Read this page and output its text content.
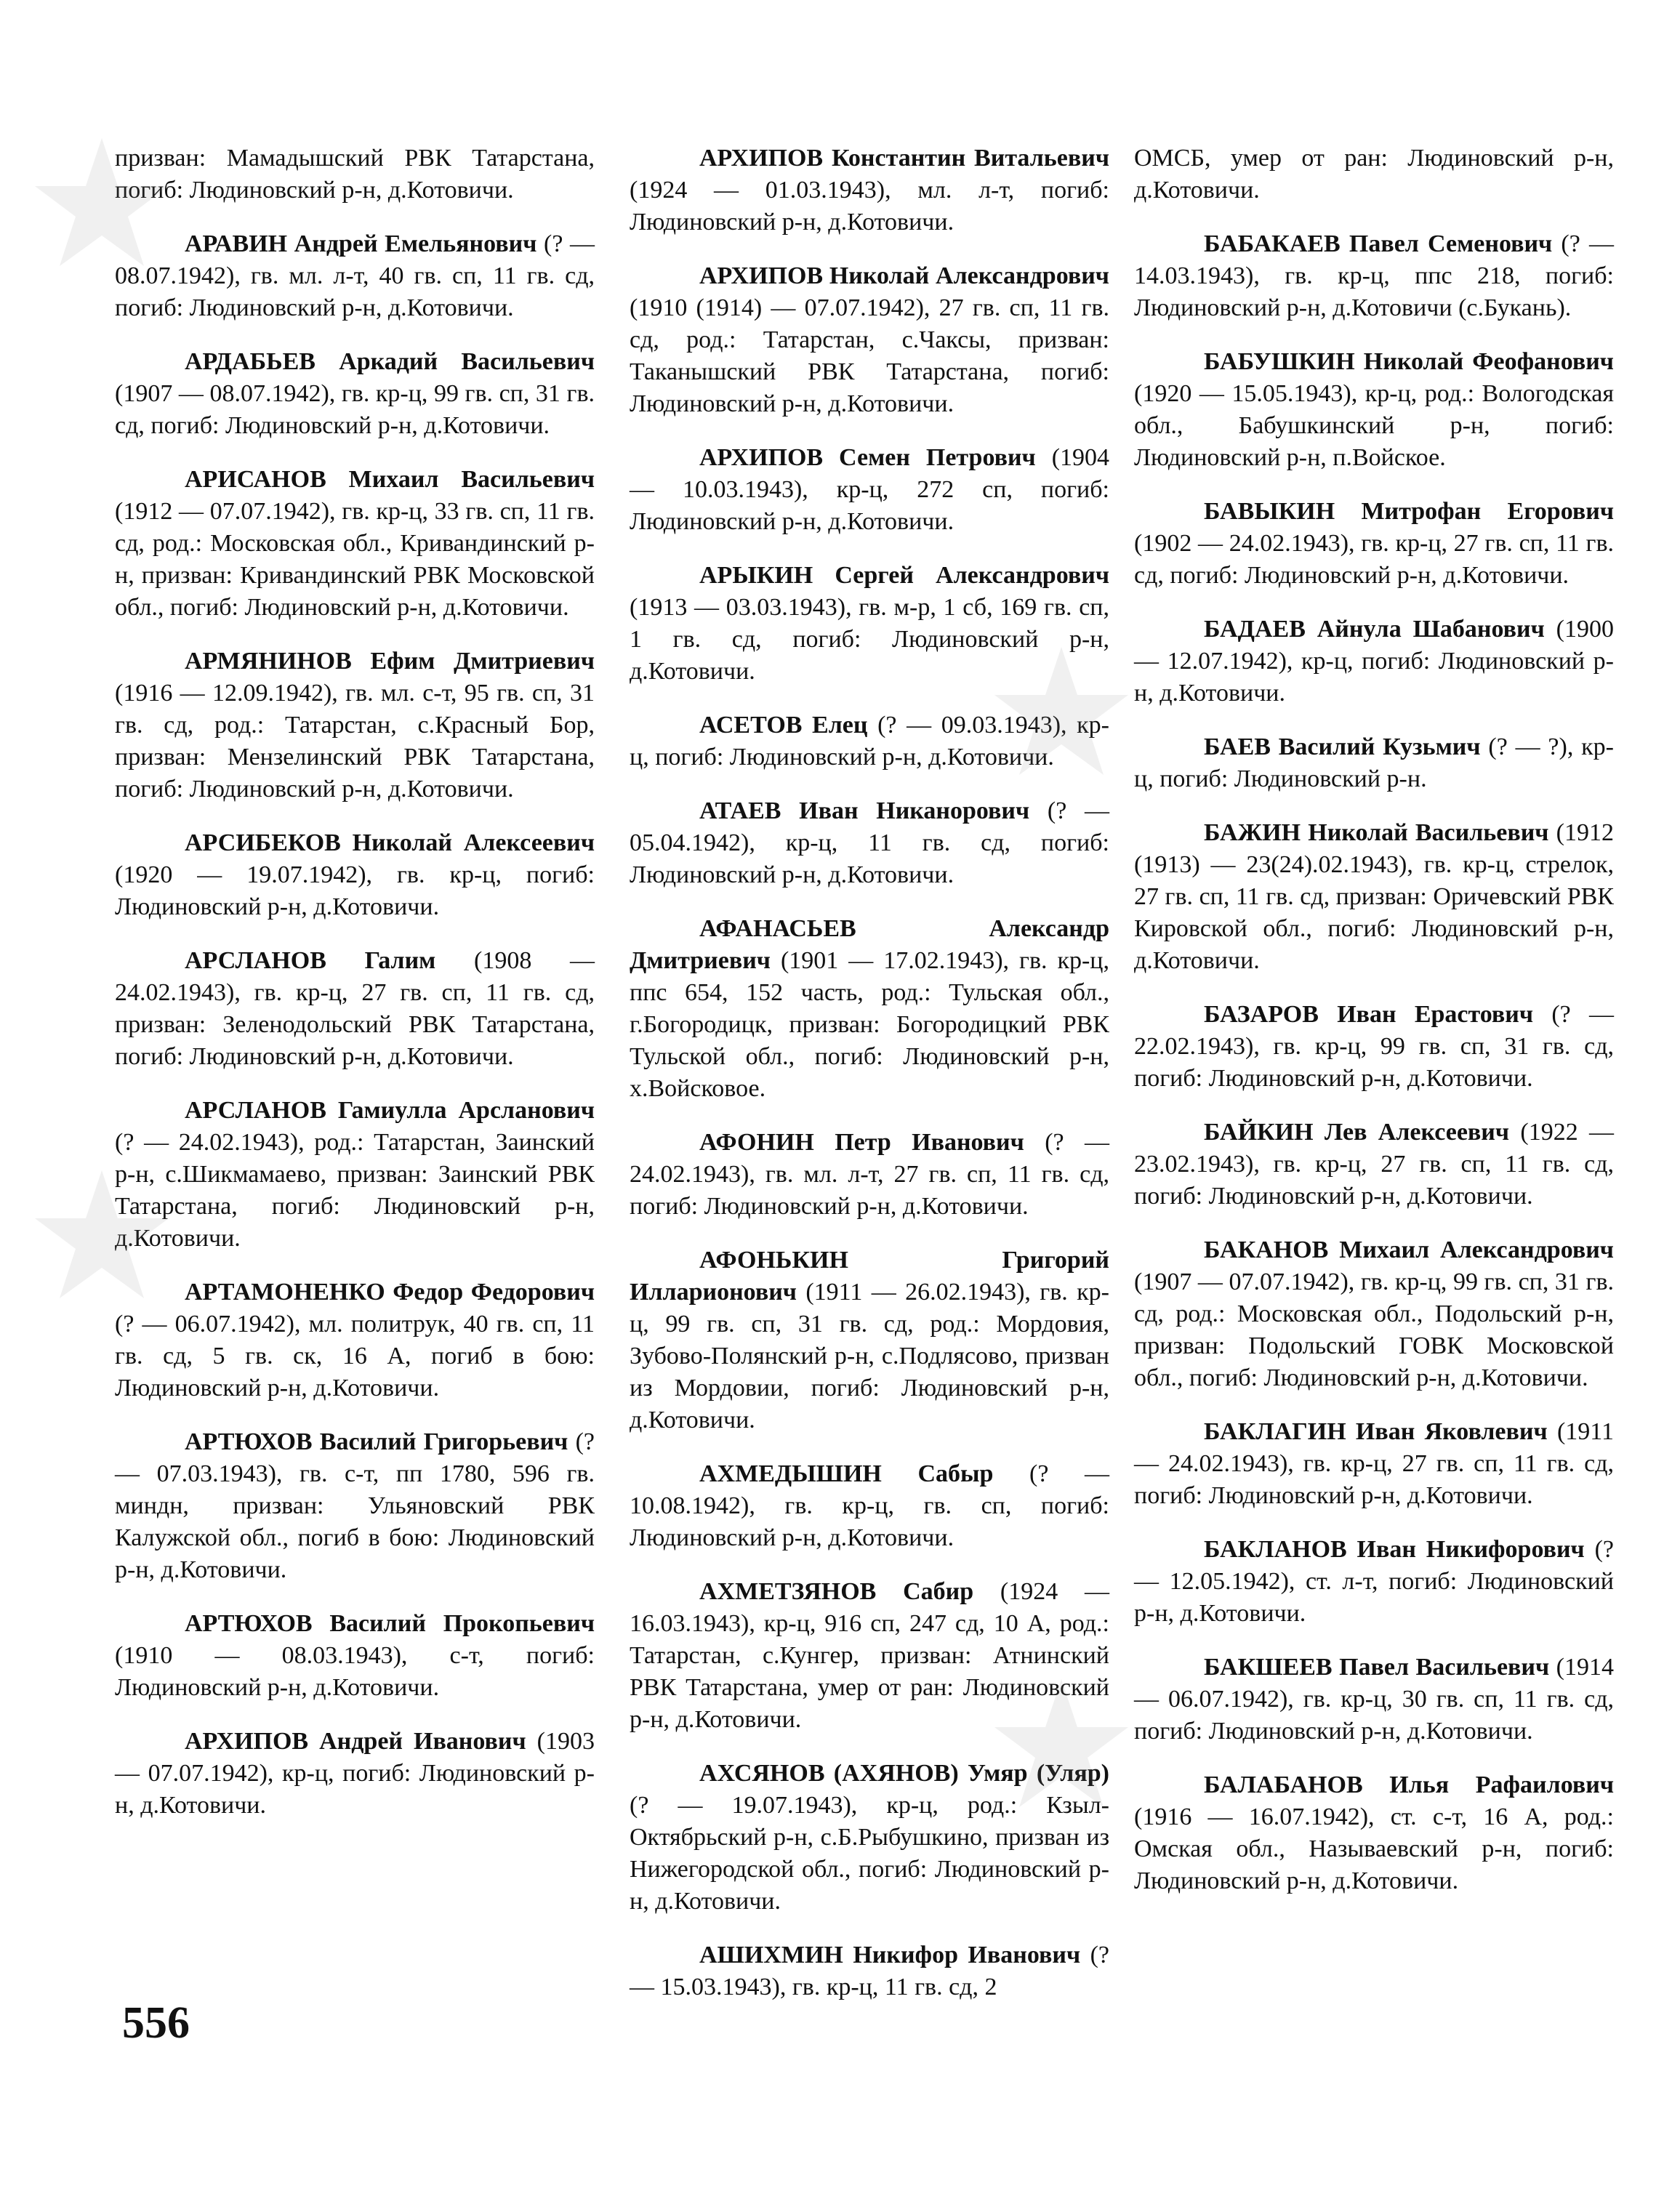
призван: Мамадышский РВК Татарстана, погиб: Людиновский р-н, д.Котовичи.
АРАВИН Андрей Емельянович (? — 08.07.1942), гв. мл. л-т, 40 гв. сп, 11 гв. сд, погиб: Людиновский р-н, д.Котовичи.
АРДАБЬЕВ Аркадий Васильевич (1907 — 08.07.1942), гв. кр-ц, 99 гв. сп, 31 гв. сд, погиб: Людиновский р-н, д.Котовичи.
АРИСАНОВ Михаил Васильевич (1912 — 07.07.1942), гв. кр-ц, 33 гв. сп, 11 гв. сд, род.: Московская обл., Кривандинский р-н, призван: Кривандинский РВК Московской обл., погиб: Людиновский р-н, д.Котовичи.
АРМЯНИНОВ Ефим Дмитриевич (1916 — 12.09.1942), гв. мл. с-т, 95 гв. сп, 31 гв. сд, род.: Татарстан, с.Красный Бор, призван: Мензелинский РВК Татарстана, погиб: Людиновский р-н, д.Котовичи.
АРСИБЕКОВ Николай Алексеевич (1920 — 19.07.1942), гв. кр-ц, погиб: Людиновский р-н, д.Котовичи.
АРСЛАНОВ Галим (1908 — 24.02.1943), гв. кр-ц, 27 гв. сп, 11 гв. сд, призван: Зеленодольский РВК Татарстана, погиб: Людиновский р-н, д.Котовичи.
АРСЛАНОВ Гамиулла Арсланович (? — 24.02.1943), род.: Татарстан, Заинский р-н, с.Шикмамаево, призван: Заинский РВК Татарстана, погиб: Людиновский р-н, д.Котовичи.
АРТАМОНЕНКО Федор Федорович (? — 06.07.1942), мл. политрук, 40 гв. сп, 11 гв. сд, 5 гв. ск, 16 А, погиб в бою: Людиновский р-н, д.Котовичи.
АРТЮХОВ Василий Григорьевич (? — 07.03.1943), гв. с-т, пп 1780, 596 гв. миндн, призван: Ульяновский РВК Калужской обл., погиб в бою: Людиновский р-н, д.Котовичи.
АРТЮХОВ Василий Прокопьевич (1910 — 08.03.1943), с-т, погиб: Людиновский р-н, д.Котовичи.
АРХИПОВ Андрей Иванович (1903 — 07.07.1942), кр-ц, погиб: Людиновский р-н, д.Котовичи.
АРХИПОВ Константин Витальевич (1924 — 01.03.1943), мл. л-т, погиб: Людиновский р-н, д.Котовичи.
АРХИПОВ Николай Александрович (1910 (1914) — 07.07.1942), 27 гв. сп, 11 гв. сд, род.: Татарстан, с.Чаксы, призван: Таканышский РВК Татарстана, погиб: Людиновский р-н, д.Котовичи.
АРХИПОВ Семен Петрович (1904 — 10.03.1943), кр-ц, 272 сп, погиб: Людиновский р-н, д.Котовичи.
АРЫКИН Сергей Александрович (1913 — 03.03.1943), гв. м-р, 1 сб, 169 гв. сп, 1 гв. сд, погиб: Людиновский р-н, д.Котовичи.
АСЕТОВ Елец (? — 09.03.1943), кр-ц, погиб: Людиновский р-н, д.Котовичи.
АТАЕВ Иван Никанорович (? — 05.04.1942), кр-ц, 11 гв. сд, погиб: Людиновский р-н, д.Котовичи.
АФАНАСЬЕВ Александр Дмитриевич (1901 — 17.02.1943), гв. кр-ц, ппс 654, 152 часть, род.: Тульская обл., г.Богородицк, призван: Богородицкий РВК Тульской обл., погиб: Людиновский р-н, х.Войсковое.
АФОНИН Петр Иванович (? — 24.02.1943), гв. мл. л-т, 27 гв. сп, 11 гв. сд, погиб: Людиновский р-н, д.Котовичи.
АФОНЬКИН Григорий Илларионович (1911 — 26.02.1943), гв. кр-ц, 99 гв. сп, 31 гв. сд, род.: Мордовия, Зубово-Полянский р-н, с.Подлясово, призван из Мордовии, погиб: Людиновский р-н, д.Котовичи.
АХМЕДЫШИН Сабыр (? — 10.08.1942), гв. кр-ц, гв. сп, погиб: Людиновский р-н, д.Котовичи.
АХМЕТЗЯНОВ Сабир (1924 — 16.03.1943), кр-ц, 916 сп, 247 сд, 10 А, род.: Татарстан, с.Кунгер, призван: Атнинский РВК Татарстана, умер от ран: Людиновский р-н, д.Котовичи.
АХСЯНОВ (АХЯНОВ) Умяр (Уляр) (? — 19.07.1943), кр-ц, род.: Кзыл-Октябрьский р-н, с.Б.Рыбушкино, призван из Нижегородской обл., погиб: Людиновский р-н, д.Котовичи.
АШИХМИН Никифор Иванович (? — 15.03.1943), гв. кр-ц, 11 гв. сд, 2
ОМСБ, умер от ран: Людиновский р-н, д.Котовичи.
БАБАКАЕВ Павел Семенович (? — 14.03.1943), гв. кр-ц, ппс 218, погиб: Людиновский р-н, д.Котовичи (с.Букань).
БАБУШКИН Николай Феофанович (1920 — 15.05.1943), кр-ц, род.: Вологодская обл., Бабушкинский р-н, погиб: Людиновский р-н, п.Войское.
БАВЫКИН Митрофан Егорович (1902 — 24.02.1943), гв. кр-ц, 27 гв. сп, 11 гв. сд, погиб: Людиновский р-н, д.Котовичи.
БАДАЕВ Айнула Шабанович (1900 — 12.07.1942), кр-ц, погиб: Людиновский р-н, д.Котовичи.
БАЕВ Василий Кузьмич (? — ?), кр-ц, погиб: Людиновский р-н.
БАЖИН Николай Васильевич (1912 (1913) — 23(24).02.1943), гв. кр-ц, стрелок, 27 гв. сп, 11 гв. сд, призван: Оричевский РВК Кировской обл., погиб: Людиновский р-н, д.Котовичи.
БАЗАРОВ Иван Ерастович (? — 22.02.1943), гв. кр-ц, 99 гв. сп, 31 гв. сд, погиб: Людиновский р-н, д.Котовичи.
БАЙКИН Лев Алексеевич (1922 — 23.02.1943), гв. кр-ц, 27 гв. сп, 11 гв. сд, погиб: Людиновский р-н, д.Котовичи.
БАКАНОВ Михаил Александрович (1907 — 07.07.1942), гв. кр-ц, 99 гв. сп, 31 гв. сд, род.: Московская обл., Подольский р-н, призван: Подольский ГОВК Московской обл., погиб: Людиновский р-н, д.Котовичи.
БАКЛАГИН Иван Яковлевич (1911 — 24.02.1943), гв. кр-ц, 27 гв. сп, 11 гв. сд, погиб: Людиновский р-н, д.Котовичи.
БАКЛАНОВ Иван Никифорович (? — 12.05.1942), ст. л-т, погиб: Людиновский р-н, д.Котовичи.
БАКШЕЕВ Павел Васильевич (1914 — 06.07.1942), гв. кр-ц, 30 гв. сп, 11 гв. сд, погиб: Людиновский р-н, д.Котовичи.
БАЛАБАНОВ Илья Рафаилович (1916 — 16.07.1942), ст. с-т, 16 А, род.: Омская обл., Называевский р-н, погиб: Людиновский р-н, д.Котовичи.
556
